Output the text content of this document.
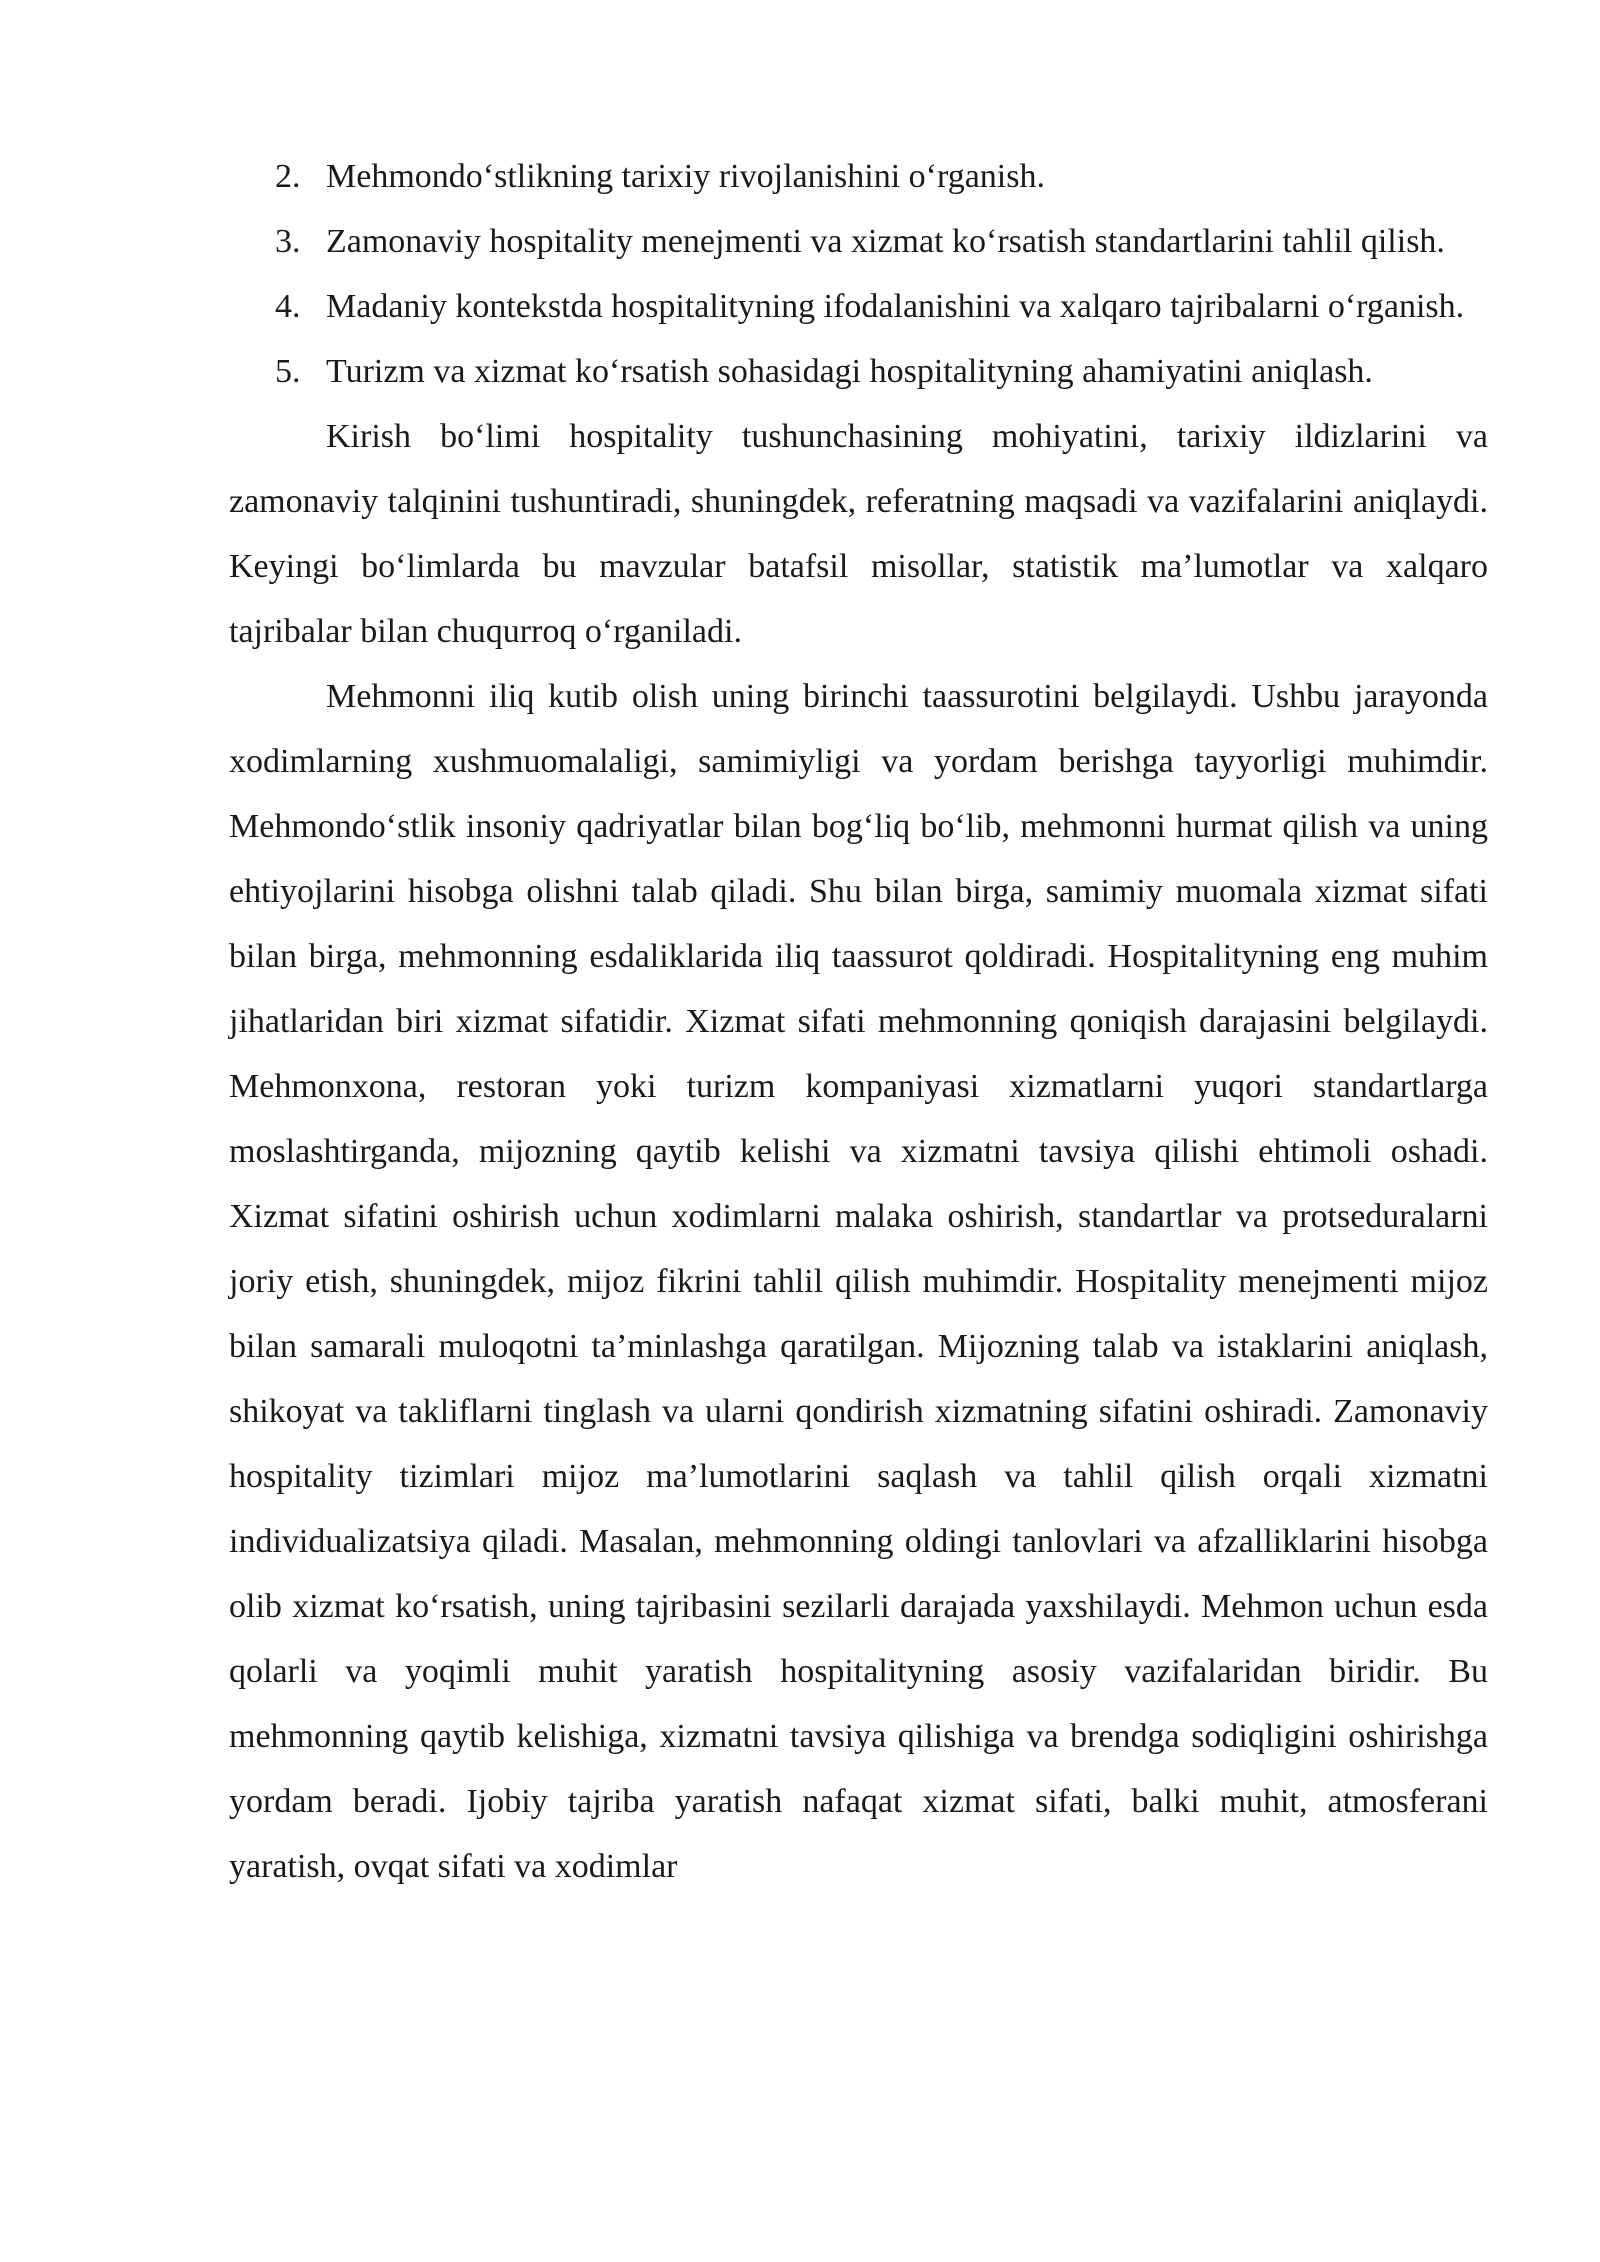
2. Mehmondo‘stlikning tarixiy rivojlanishini o‘rganish.
3. Zamonaviy hospitality menejmenti va xizmat ko‘rsatish standartlarini tahlil qilish.
4. Madaniy kontekstda hospitalityning ifodalanishini va xalqaro tajribalarni o‘rganish.
5. Turizm va xizmat ko‘rsatish sohasidagi hospitalityning ahamiyatini aniqlash.

Kirish bo‘limi hospitality tushunchasining mohiyatini, tarixiy ildizlarini va zamonaviy talqinini tushuntiradi, shuningdek, referatning maqsadi va vazifalarini aniqlaydi. Keyingi bo‘limlarda bu mavzular batafsil misollar, statistik ma’lumotlar va xalqaro tajribalar bilan chuqurroq o‘rganiladi.

Mehmonni iliq kutib olish uning birinchi taassurotini belgilaydi. Ushbu jarayonda xodimlarning xushmuomalaligi, samimiyligi va yordam berishga tayyorligi muhimdir. Mehmondo‘stlik insoniy qadriyatlar bilan bog‘liq bo‘lib, mehmonni hurmat qilish va uning ehtiyojlarini hisobga olishni talab qiladi. Shu bilan birga, samimiy muomala xizmat sifati bilan birga, mehmonning esdaliklarida iliq taassurot qoldiradi. Hospitalityning eng muhim jihatlaridan biri xizmat sifatidir. Xizmat sifati mehmonning qoniqish darajasini belgilaydi. Mehmonxona, restoran yoki turizm kompaniyasi xizmatlarni yuqori standartlarga moslashtirganda, mijozning qaytib kelishi va xizmatni tavsiya qilishi ehtimoli oshadi. Xizmat sifatini oshirish uchun xodimlarni malaka oshirish, standartlar va protseduralarni joriy etish, shuningdek, mijoz fikrini tahlil qilish muhimdir. Hospitality menejmenti mijoz bilan samarali muloqotni ta’minlashga qaratilgan. Mijozning talab va istaklarini aniqlash, shikoyat va takliflarni tinglash va ularni qondirish xizmatning sifatini oshiradi. Zamonaviy hospitality tizimlari mijoz ma’lumotlarini saqlash va tahlil qilish orqali xizmatni individualizatsiya qiladi. Masalan, mehmonning oldingi tanlovlari va afzalliklarini hisobga olib xizmat ko‘rsatish, uning tajribasini sezilarli darajada yaxshilaydi. Mehmon uchun esda qolarli va yoqimli muhit yaratish hospitalityning asosiy vazifalaridan biridir. Bu mehmonning qaytib kelishiga, xizmatni tavsiya qilishiga va brendga sodiqligini oshirishga yordam beradi. Ijobiy tajriba yaratish nafaqat xizmat sifati, balki muhit, atmosferani yaratish, ovqat sifati va xodimlar
